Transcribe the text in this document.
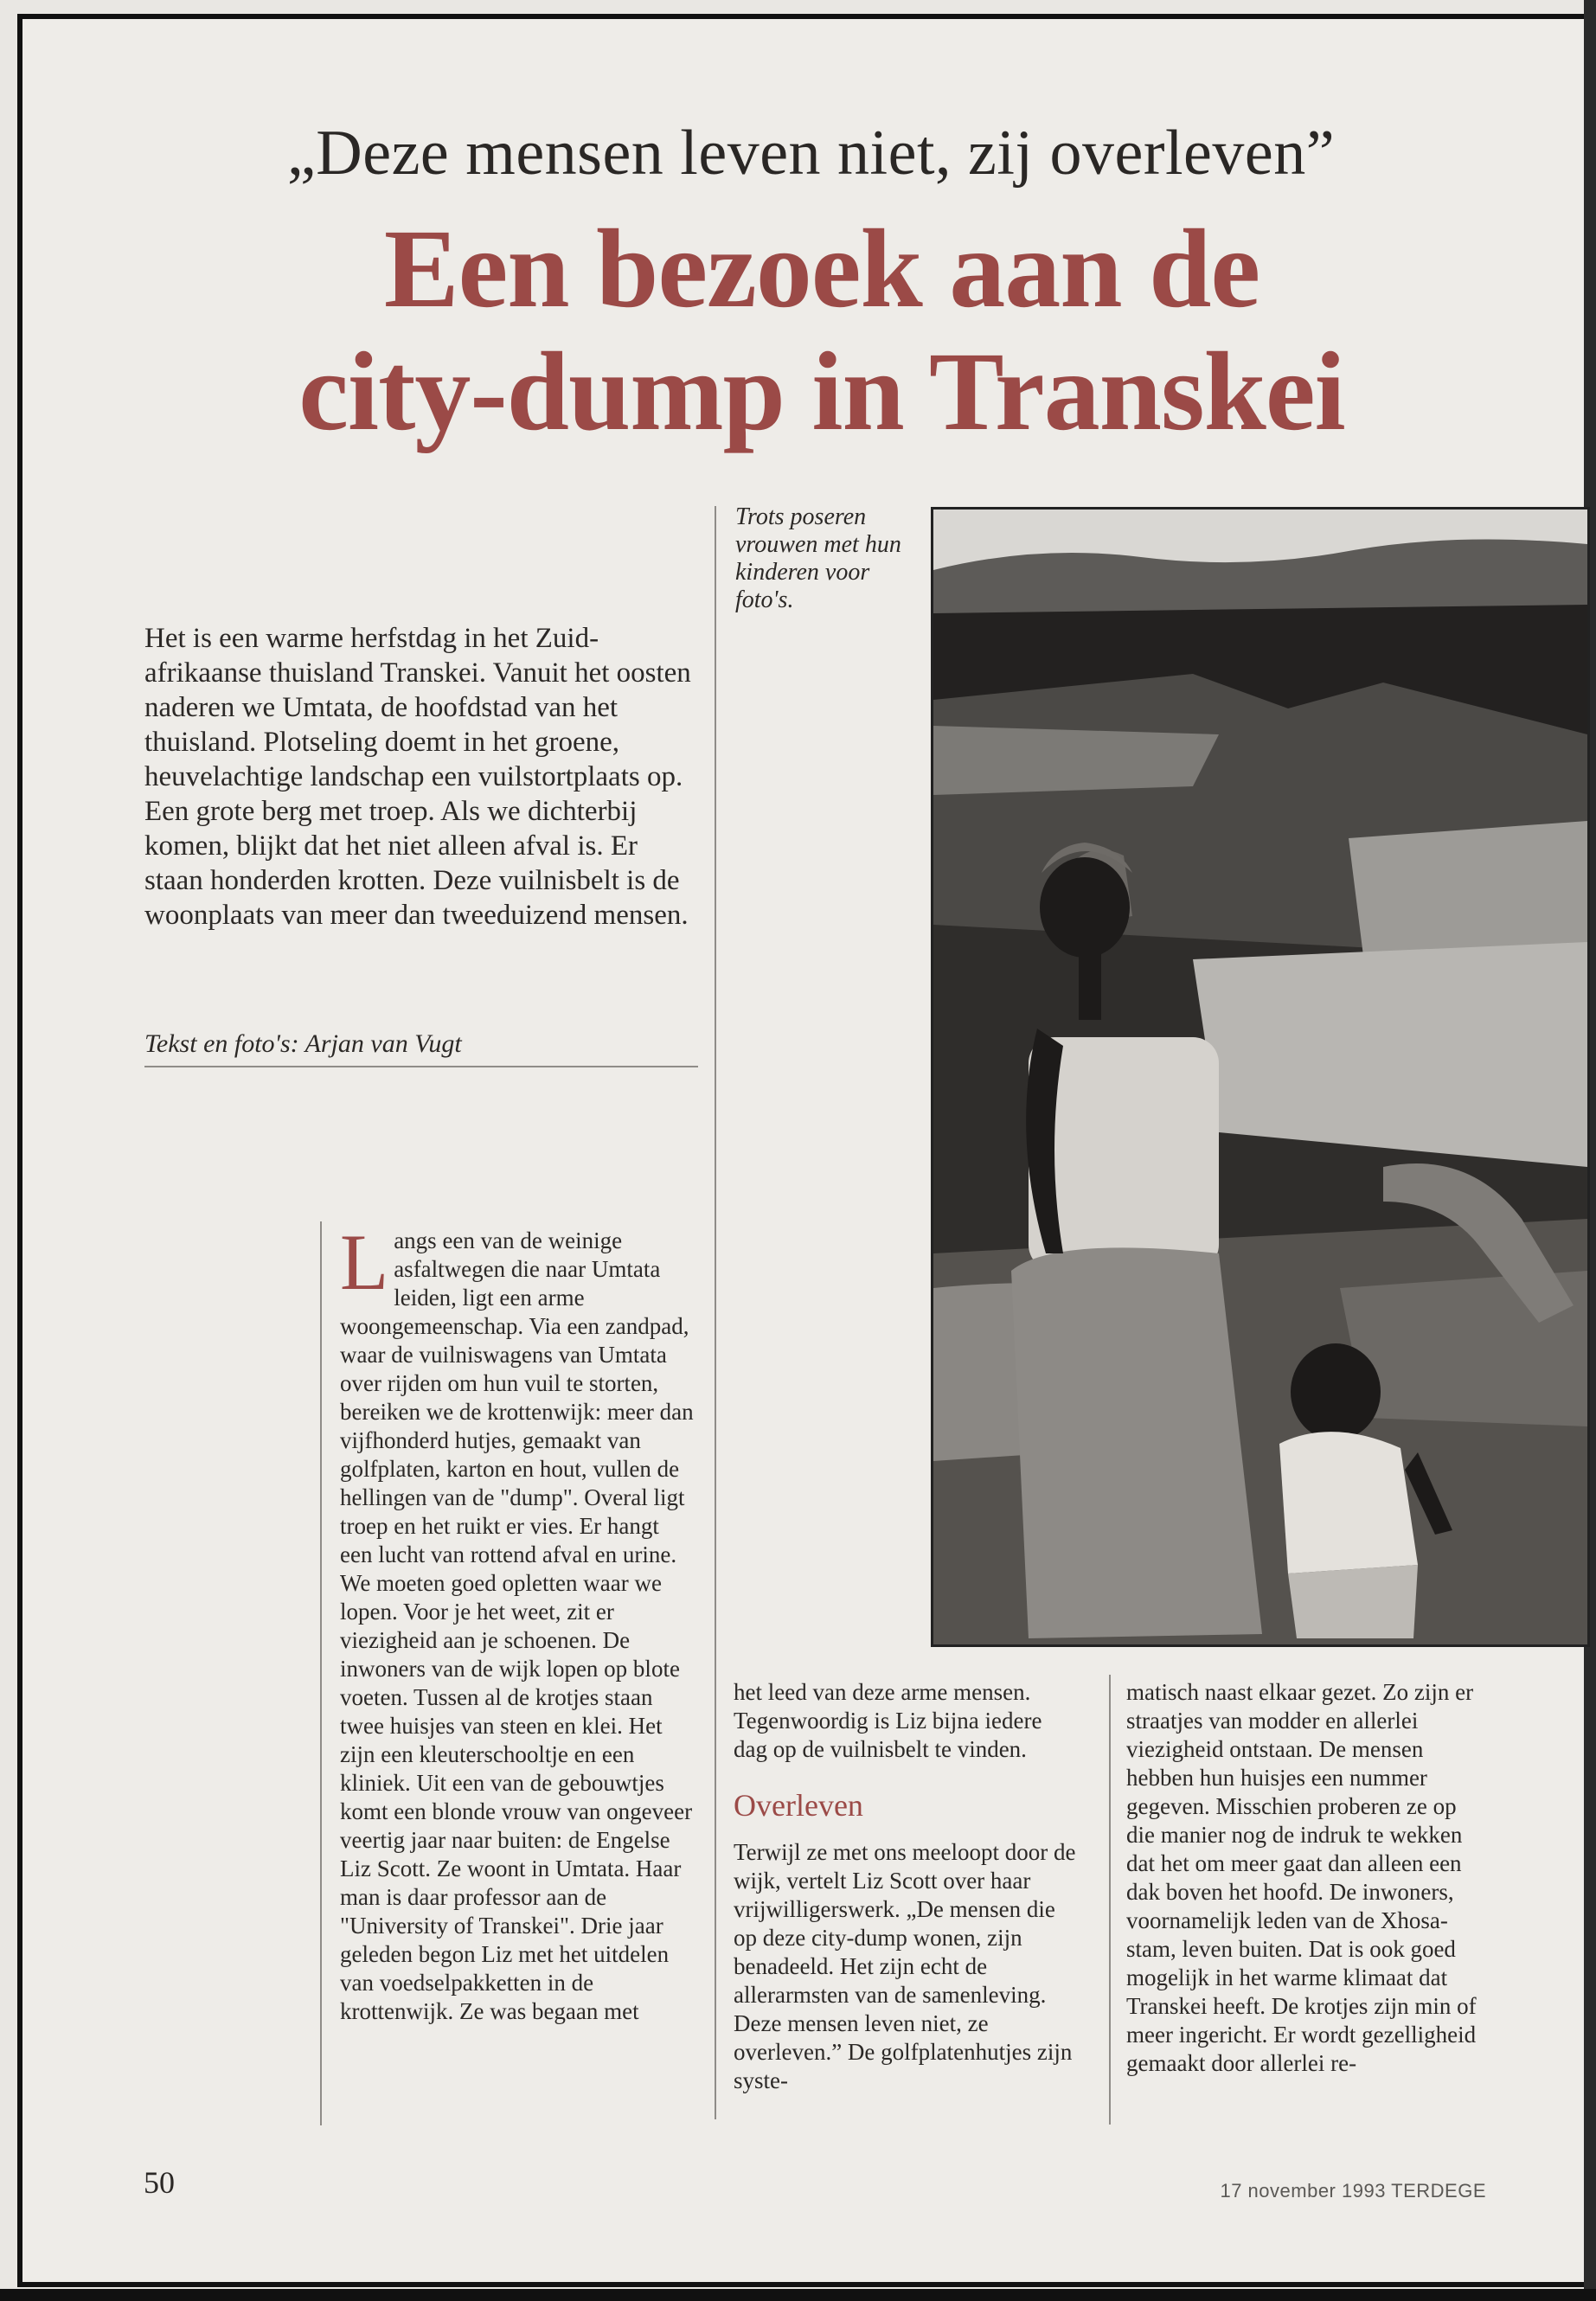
„Deze mensen leven niet, zij overleven”
Een bezoek aan de
city-dump in Transkei
Het is een warme herfstdag in het Zuid-afrikaanse thuisland Transkei. Vanuit het oosten naderen we Umtata, de hoofdstad van het thuisland. Plotseling doemt in het groene, heuvelachtige landschap een vuilstortplaats op. Een grote berg met troep. Als we dichterbij komen, blijkt dat het niet alleen afval is. Er staan honderden krotten. Deze vuilnisbelt is de woonplaats van meer dan tweeduizend mensen.
Tekst en foto's: Arjan van Vugt
Trots poseren vrouwen met hun kinderen voor foto's.
L angs een van de weinige asfaltwegen die naar Umtata leiden, ligt een arme woongemeenschap. Via een zandpad, waar de vuilniswagens van Umtata over rijden om hun vuil te storten, bereiken we de krottenwijk: meer dan vijfhonderd hutjes, gemaakt van golfplaten, karton en hout, vullen de hellingen van de "dump". Overal ligt troep en het ruikt er vies. Er hangt een lucht van rottend afval en urine. We moeten goed opletten waar we lopen. Voor je het weet, zit er viezigheid aan je schoenen. De inwoners van de wijk lopen op blote voeten. Tussen al de krotjes staan twee huisjes van steen en klei. Het zijn een kleuterschooltje en een kliniek. Uit een van de gebouwtjes komt een blonde vrouw van ongeveer veertig jaar naar buiten: de Engelse Liz Scott. Ze woont in Umtata. Haar man is daar professor aan de "University of Transkei". Drie jaar geleden begon Liz met het uitdelen van voedselpakketten in de krottenwijk. Ze was begaan met
het leed van deze arme mensen. Tegenwoordig is Liz bijna iedere dag op de vuilnisbelt te vinden.
Overleven
Terwijl ze met ons meeloopt door de wijk, vertelt Liz Scott over haar vrijwilligerswerk. „De mensen die op deze city-dump wonen, zijn benadeeld. Het zijn echt de allerarmsten van de samenleving. Deze mensen leven niet, ze overleven.” De golfplatenhutjes zijn syste-
matisch naast elkaar gezet. Zo zijn er straatjes van modder en allerlei viezigheid ontstaan. De mensen hebben hun huisjes een nummer gegeven. Misschien proberen ze op die manier nog de indruk te wekken dat het om meer gaat dan alleen een dak boven het hoofd. De inwoners, voornamelijk leden van de Xhosa-stam, leven buiten. Dat is ook goed mogelijk in het warme klimaat dat Transkei heeft. De krotjes zijn min of meer ingericht. Er wordt gezelligheid gemaakt door allerlei re-
50	17 november 1993 TERDEGE
